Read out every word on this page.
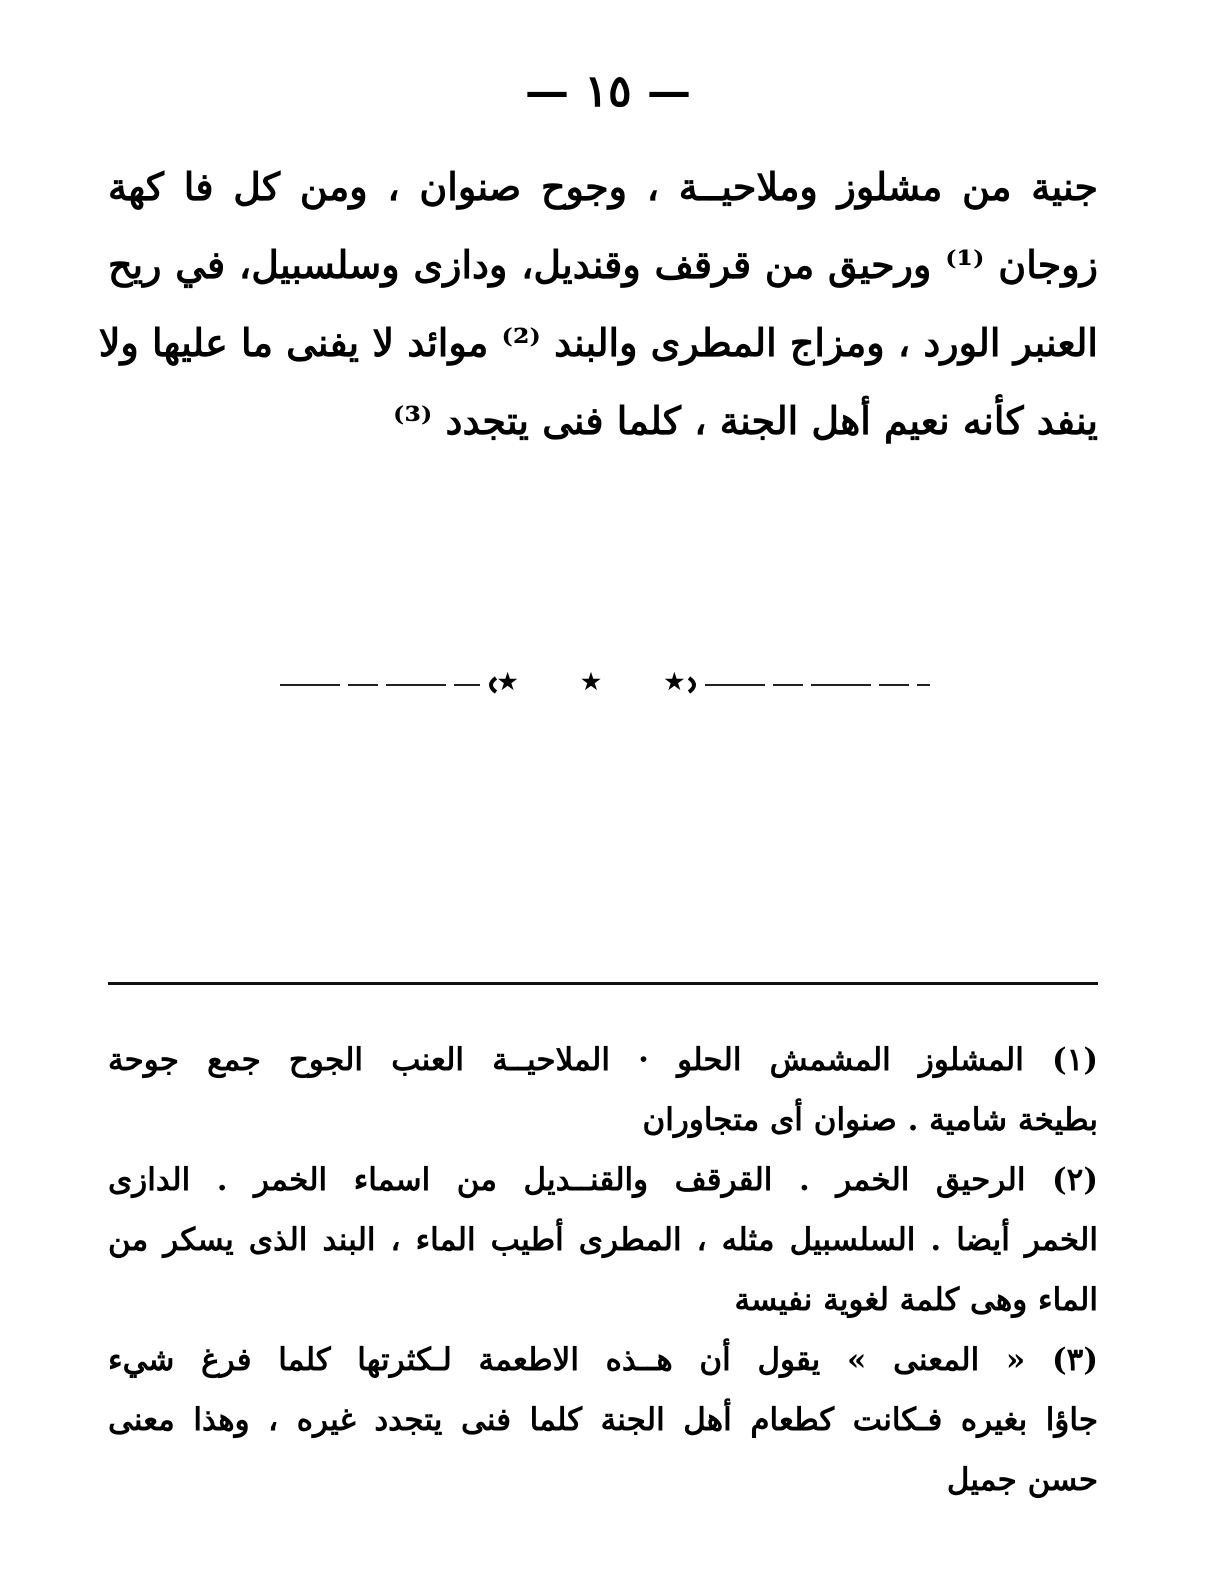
— ١٥ —
جنية من مشلوز وملاحيــة ، وجوح صنوان ، ومن كل فا كهة
زوجان ⁽¹⁾ ورحيق من قرقف وقنديل، ودازى وسلسبيل، في ريح
العنبر الورد ، ومزاج المطرى والبند ⁽²⁾ موائد لا يفنى ما عليها ولا
ينفد كأنه نعيم أهل الجنة ، كلما فنى يتجدد ⁽³⁾
★ ★ ★
(١) المشلوز المشمش الحلو · الملاحيــة العنب الجوح جمع جوحة
بطيخة شامية . صنوان أى متجاوران
(٢) الرحيق الخمر . القرقف والقنــديل من اسماء الخمر . الدازى
الخمر أيضا . السلسبيل مثله ، المطرى أطيب الماء ، البند الذى يسكر من
الماء وهى كلمة لغوية نفيسة
(٣) « المعنى » يقول أن هــذه الاطعمة لـكثرتها كلما فرغ شيء
جاؤا بغيره فـكانت كطعام أهل الجنة كلما فنى يتجدد غيره ، وهذا معنى
حسن جميل
